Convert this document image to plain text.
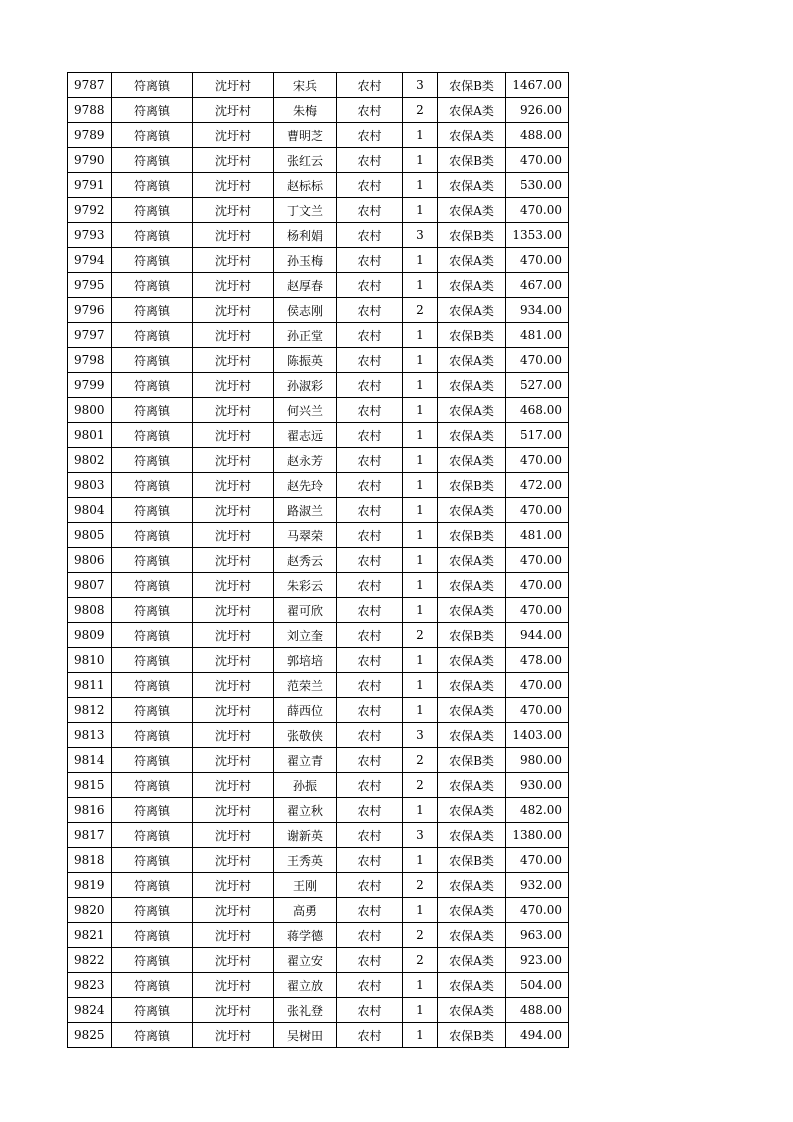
9787	符离镇	沈圩村	宋兵	农村	3	农保B类	1467.00
9788	符离镇	沈圩村	朱梅	农村	2	农保A类	926.00
9789	符离镇	沈圩村	曹明芝	农村	1	农保A类	488.00
9790	符离镇	沈圩村	张红云	农村	1	农保B类	470.00
9791	符离镇	沈圩村	赵标标	农村	1	农保A类	530.00
9792	符离镇	沈圩村	丁文兰	农村	1	农保A类	470.00
9793	符离镇	沈圩村	杨利娟	农村	3	农保B类	1353.00
9794	符离镇	沈圩村	孙玉梅	农村	1	农保A类	470.00
9795	符离镇	沈圩村	赵厚春	农村	1	农保A类	467.00
9796	符离镇	沈圩村	侯志刚	农村	2	农保A类	934.00
9797	符离镇	沈圩村	孙正堂	农村	1	农保B类	481.00
9798	符离镇	沈圩村	陈振英	农村	1	农保A类	470.00
9799	符离镇	沈圩村	孙淑彩	农村	1	农保A类	527.00
9800	符离镇	沈圩村	何兴兰	农村	1	农保A类	468.00
9801	符离镇	沈圩村	翟志远	农村	1	农保A类	517.00
9802	符离镇	沈圩村	赵永芳	农村	1	农保A类	470.00
9803	符离镇	沈圩村	赵先玲	农村	1	农保B类	472.00
9804	符离镇	沈圩村	路淑兰	农村	1	农保A类	470.00
9805	符离镇	沈圩村	马翠荣	农村	1	农保B类	481.00
9806	符离镇	沈圩村	赵秀云	农村	1	农保A类	470.00
9807	符离镇	沈圩村	朱彩云	农村	1	农保A类	470.00
9808	符离镇	沈圩村	翟可欣	农村	1	农保A类	470.00
9809	符离镇	沈圩村	刘立奎	农村	2	农保B类	944.00
9810	符离镇	沈圩村	郭培培	农村	1	农保A类	478.00
9811	符离镇	沈圩村	范荣兰	农村	1	农保A类	470.00
9812	符离镇	沈圩村	薛西位	农村	1	农保A类	470.00
9813	符离镇	沈圩村	张敬侠	农村	3	农保A类	1403.00
9814	符离镇	沈圩村	翟立青	农村	2	农保B类	980.00
9815	符离镇	沈圩村	孙振	农村	2	农保A类	930.00
9816	符离镇	沈圩村	翟立秋	农村	1	农保A类	482.00
9817	符离镇	沈圩村	谢新英	农村	3	农保A类	1380.00
9818	符离镇	沈圩村	王秀英	农村	1	农保B类	470.00
9819	符离镇	沈圩村	王刚	农村	2	农保A类	932.00
9820	符离镇	沈圩村	高勇	农村	1	农保A类	470.00
9821	符离镇	沈圩村	蒋学德	农村	2	农保A类	963.00
9822	符离镇	沈圩村	翟立安	农村	2	农保A类	923.00
9823	符离镇	沈圩村	翟立放	农村	1	农保A类	504.00
9824	符离镇	沈圩村	张礼登	农村	1	农保A类	488.00
9825	符离镇	沈圩村	吴树田	农村	1	农保B类	494.00
